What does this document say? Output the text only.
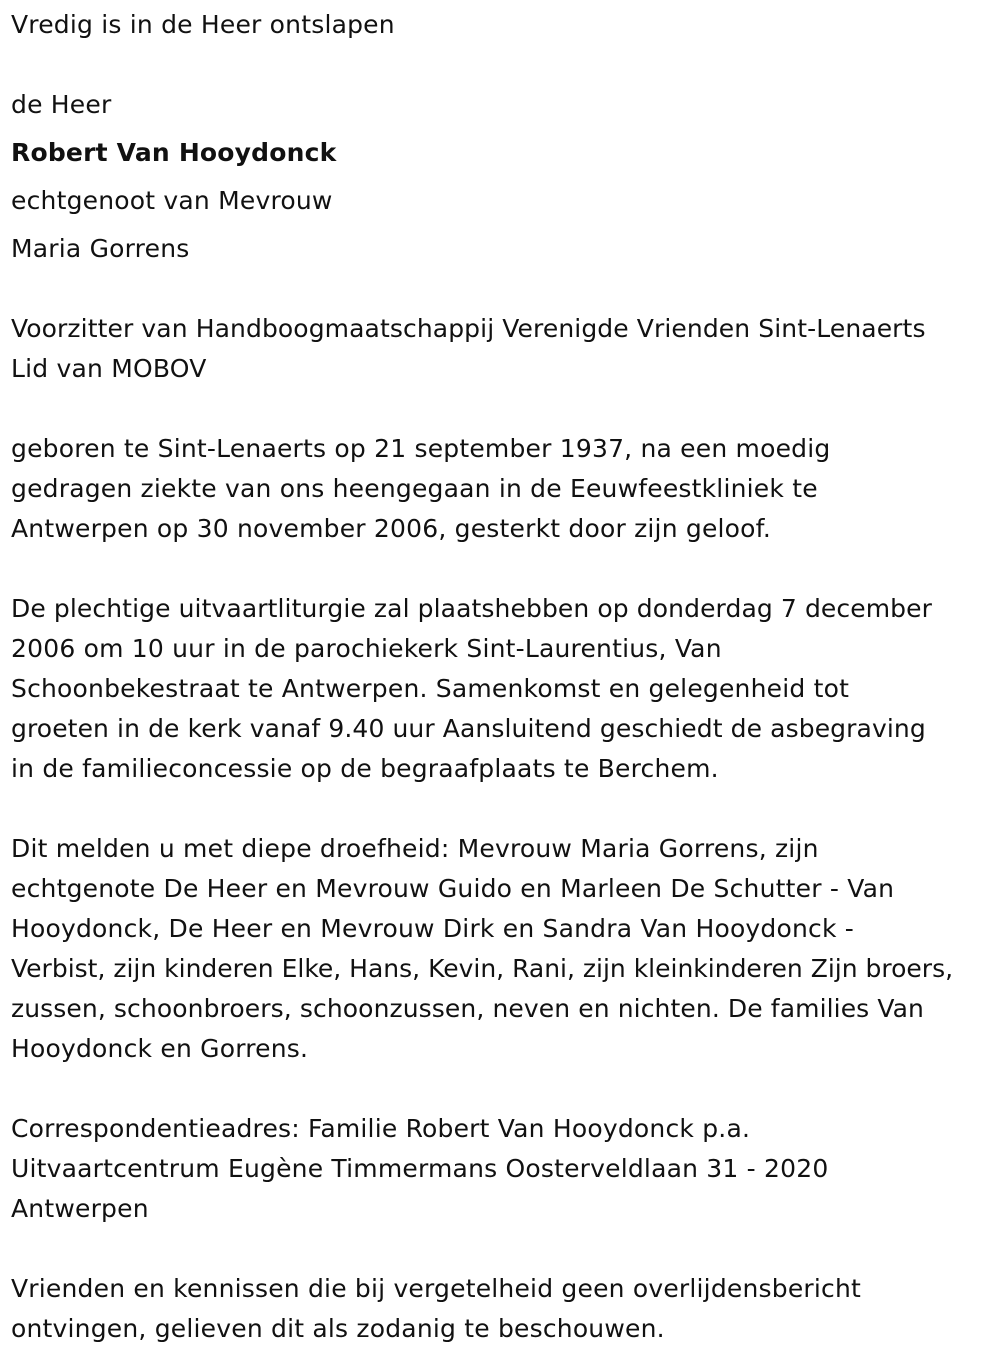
Vredig is in de Heer ontslapen
de Heer
Robert Van Hooydonck
echtgenoot van Mevrouw
Maria Gorrens
Voorzitter van Handboogmaatschappij Verenigde Vrienden Sint-Lenaerts
Lid van MOBOV
geboren te Sint-Lenaerts op 21 september 1937, na een moedig
gedragen ziekte van ons heengegaan in de Eeuwfeestkliniek te
Antwerpen op 30 november 2006, gesterkt door zijn geloof.
De plechtige uitvaartliturgie zal plaatshebben op donderdag 7 december
2006 om 10 uur in de parochiekerk Sint-Laurentius, Van
Schoonbekestraat te Antwerpen. Samenkomst en gelegenheid tot
groeten in de kerk vanaf 9.40 uur Aansluitend geschiedt de asbegraving
in de familieconcessie op de begraafplaats te Berchem.
Dit melden u met diepe droefheid: Mevrouw Maria Gorrens, zijn
echtgenote De Heer en Mevrouw Guido en Marleen De Schutter - Van
Hooydonck, De Heer en Mevrouw Dirk en Sandra Van Hooydonck -
Verbist, zijn kinderen Elke, Hans, Kevin, Rani, zijn kleinkinderen Zijn broers,
zussen, schoonbroers, schoonzussen, neven en nichten. De families Van
Hooydonck en Gorrens.
Correspondentieadres: Familie Robert Van Hooydonck p.a.
Uitvaartcentrum Eugène Timmermans Oosterveldlaan 31 - 2020
Antwerpen
Vrienden en kennissen die bij vergetelheid geen overlijdensbericht
ontvingen, gelieven dit als zodanig te beschouwen.
